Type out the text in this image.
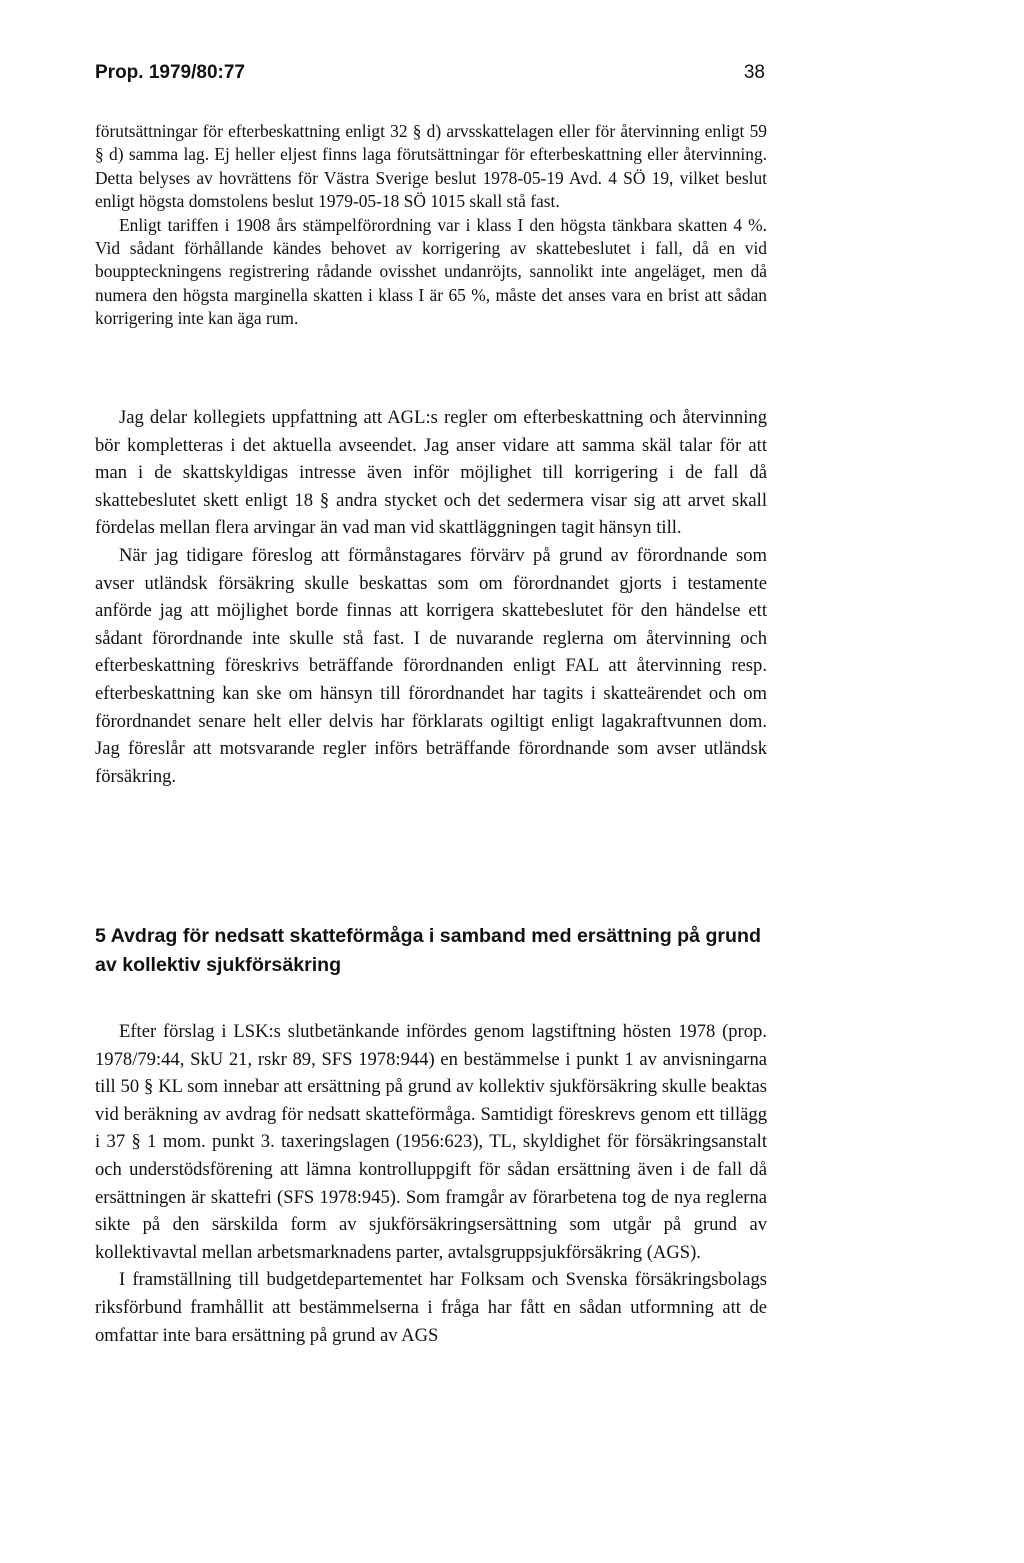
Prop. 1979/80:77	38

förutsättningar för efterbeskattning enligt 32 § d) arvsskattelagen eller för återvinning enligt 59 § d) samma lag. Ej heller eljest finns laga förutsättningar för efterbeskattning eller återvinning. Detta belyses av hovrättens för Västra Sverige beslut 1978-05-19 Avd. 4 SÖ 19, vilket beslut enligt högsta domstolens beslut 1979-05-18 SÖ 1015 skall stå fast.

Enligt tariffen i 1908 års stämpelförordning var i klass I den högsta tänkbara skatten 4 %. Vid sådant förhållande kändes behovet av korrigering av skattebeslutet i fall, då en vid bouppteckningens registrering rådande ovisshet undanröjts, sannolikt inte angeläget, men då numera den högsta marginella skatten i klass I är 65 %, måste det anses vara en brist att sådan korrigering inte kan äga rum.

Jag delar kollegiets uppfattning att AGL:s regler om efterbeskattning och återvinning bör kompletteras i det aktuella avseendet. Jag anser vidare att samma skäl talar för att man i de skattskyldigas intresse även inför möjlighet till korrigering i de fall då skattebeslutet skett enligt 18 § andra stycket och det sedermera visar sig att arvet skall fördelas mellan flera arvingar än vad man vid skattläggningen tagit hänsyn till.

När jag tidigare föreslog att förmånstagares förvärv på grund av förordnande som avser utländsk försäkring skulle beskattas som om förordnandet gjorts i testamente anförde jag att möjlighet borde finnas att korrigera skattebeslutet för den händelse ett sådant förordnande inte skulle stå fast. I de nuvarande reglerna om återvinning och efterbeskattning föreskrivs beträffande förordnanden enligt FAL att återvinning resp. efterbeskattning kan ske om hänsyn till förordnandet har tagits i skatteärendet och om förordnandet senare helt eller delvis har förklarats ogiltigt enligt lagakraftvunnen dom. Jag föreslår att motsvarande regler införs beträffande förordnande som avser utländsk försäkring.

5 Avdrag för nedsatt skatteförmåga i samband med ersättning på grund av kollektiv sjukförsäkring

Efter förslag i LSK:s slutbetänkande infördes genom lagstiftning hösten 1978 (prop. 1978/79:44, SkU 21, rskr 89, SFS 1978:944) en bestämmelse i punkt 1 av anvisningarna till 50 § KL som innebar att ersättning på grund av kollektiv sjukförsäkring skulle beaktas vid beräkning av avdrag för nedsatt skatteförmåga. Samtidigt föreskrevs genom ett tillägg i 37 § 1 mom. punkt 3. taxeringslagen (1956:623), TL, skyldighet för försäkringsanstalt och understödsförening att lämna kontrolluppgift för sådan ersättning även i de fall då ersättningen är skattefri (SFS 1978:945). Som framgår av förarbetena tog de nya reglerna sikte på den särskilda form av sjukförsäkringsersättning som utgår på grund av kollektivavtal mellan arbetsmarknadens parter, avtalsgruppsjukförsäkring (AGS).

I framställning till budgetdepartementet har Folksam och Svenska försäkringsbolags riksförbund framhållit att bestämmelserna i fråga har fått en sådan utformning att de omfattar inte bara ersättning på grund av AGS
